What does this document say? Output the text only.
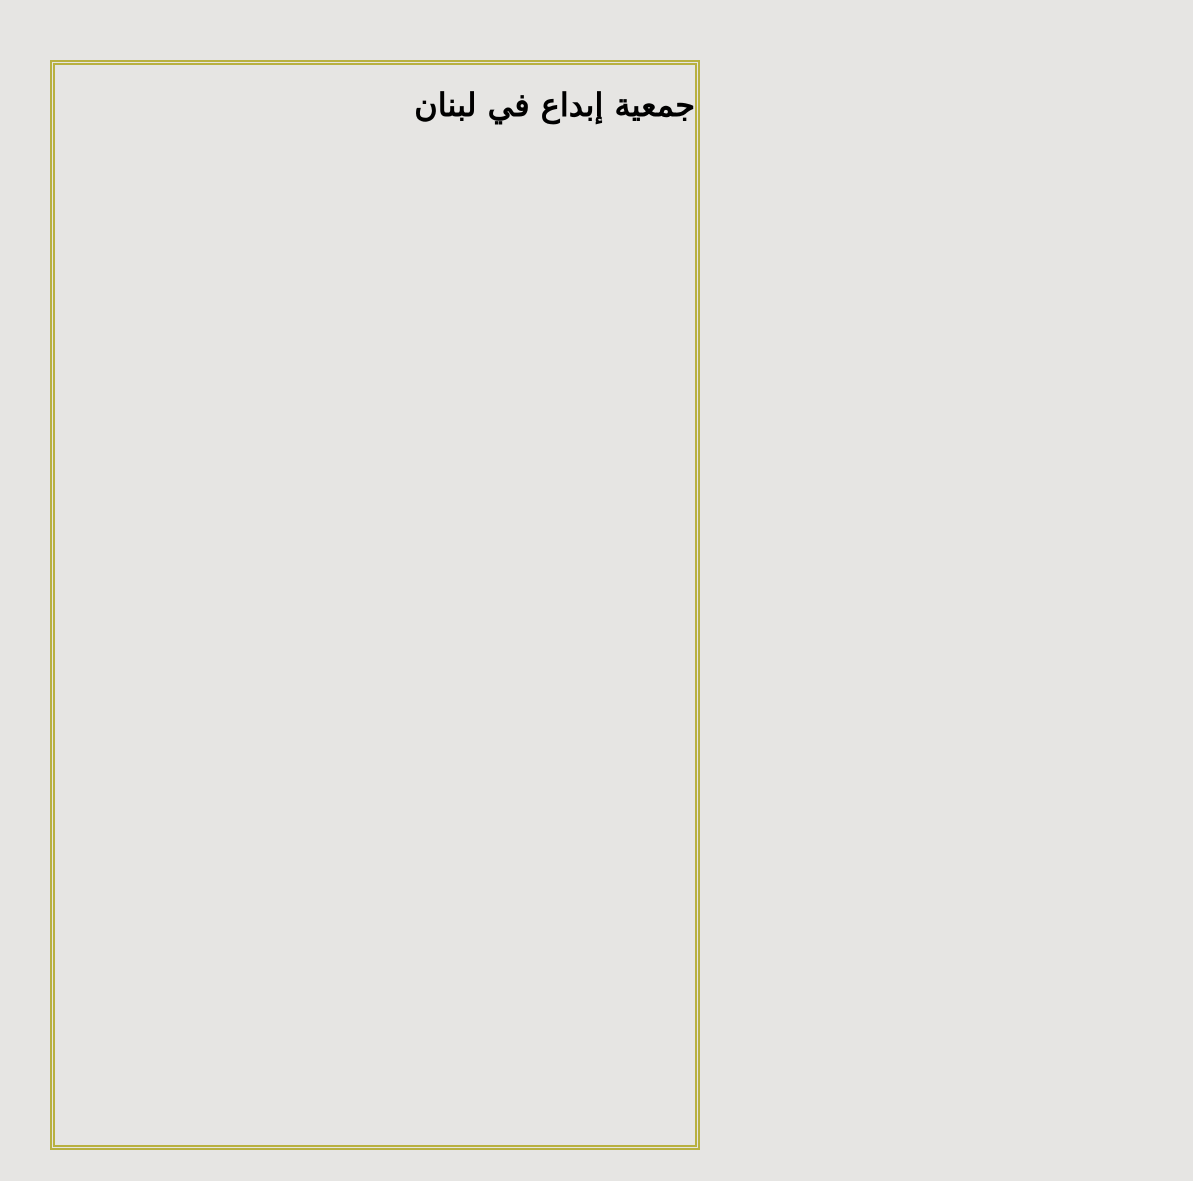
جمعية إبداع في لبنان
